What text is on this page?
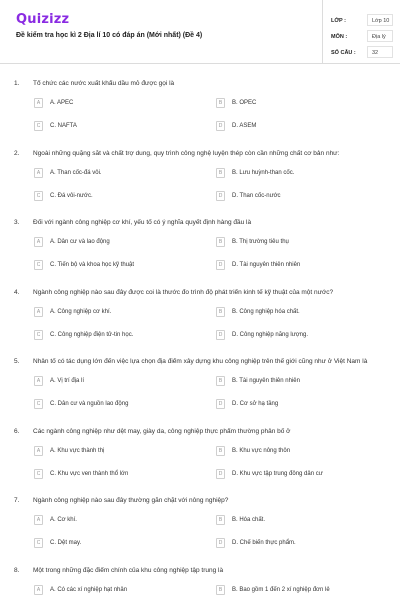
Quizizz
Đề kiểm tra học kì 2 Địa lí 10 có đáp án (Mới nhất) (Đề 4)
LỚP :	Lớp 10
MÔN :	Địa lý
SỐ CÂU :	32
1. Tổ chức các nước xuất khẩu dầu mỏ được gọi là
A	A. APEC	B	B. OPEC
C	C. NAFTA	D	D. ASEM
2. Ngoài những quặng sắt và chất trợ dung, quy trình công nghệ luyện thép còn cần những chất cơ bản như:
A	A. Than cốc-đá vôi.	B	B. Lưu huỳnh-than cốc.
C	C. Đá vôi-nước.	D	D. Than cốc-nước
3. Đối với ngành công nghiệp cơ khí, yếu tố có ý nghĩa quyết định hàng đầu là
A	A. Dân cư và lao động	B	B. Thị trường tiêu thụ
C	C. Tiến bộ và khoa học kỹ thuật	D	D. Tài nguyên thiên nhiên
4. Ngành công nghiệp nào sau đây được coi là thước đo trình độ phát triển kinh tế kỹ thuật của một nước?
A	A. Công nghiệp cơ khí.	B	B. Công nghiệp hóa chất.
C	C. Công nghiệp điện tử-tin học.	D	D. Công nghiệp năng lượng.
5. Nhân tố có tác dụng lớn đến việc lựa chọn địa điểm xây dựng khu công nghiệp trên thế giới cũng như ở Việt Nam là
A	A. Vị trí địa lí	B	B. Tài nguyên thiên nhiên
C	C. Dân cư và nguồn lao động	D	D. Cơ sở hạ tầng
6. Các ngành công nghiệp như dệt may, giày da, công nghiệp thực phẩm thường phân bố ở
A	A. Khu vực thành thị	B	B. Khu vực nông thôn
C	C. Khu vực ven thành thổ lớn	D	D. Khu vực tập trung đông dân cư
7. Ngành công nghiệp nào sau đây thường gắn chặt với nông nghiệp?
A	A. Cơ khí.	B	B. Hóa chất.
C	C. Dệt may.	D	D. Chế biến thực phẩm.
8. Một trong những đặc điểm chính của khu công nghiệp tập trung là
A	A. Có các xí nghiệp hạt nhân	B	B. Bao gồm 1 đến 2 xí nghiệp đơn lẻ
